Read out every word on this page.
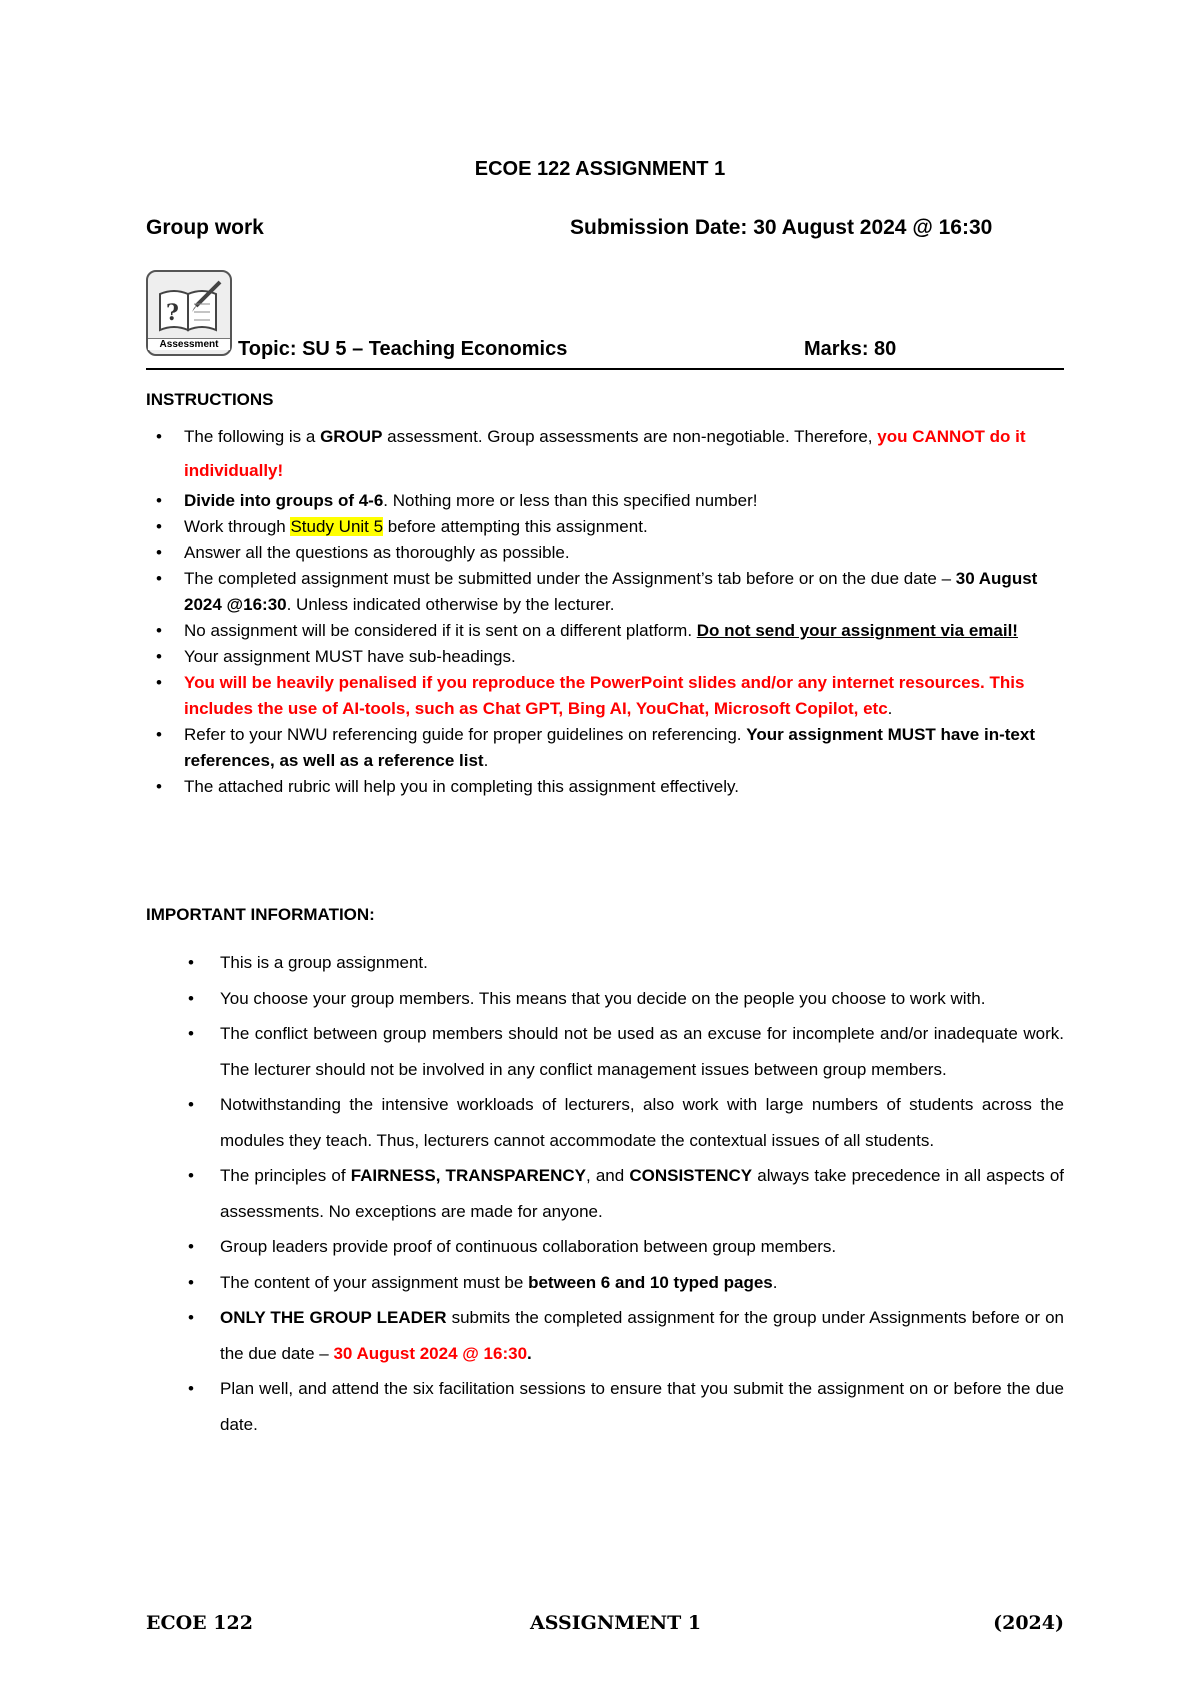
ECOE 122 ASSIGNMENT 1
Group work	Submission Date: 30 August 2024 @ 16:30
?
Assessment Topic: SU 5 – Teaching Economics	Marks: 80
INSTRUCTIONS
• The following is a GROUP assessment. Group assessments are non-negotiable. Therefore, you CANNOT do it individually!
• Divide into groups of 4-6. Nothing more or less than this specified number!
• Work through Study Unit 5 before attempting this assignment.
• Answer all the questions as thoroughly as possible.
• The completed assignment must be submitted under the Assignment’s tab before or on the due date – 30 August 2024 @16:30. Unless indicated otherwise by the lecturer.
• No assignment will be considered if it is sent on a different platform. Do not send your assignment via email!
• Your assignment MUST have sub-headings.
• You will be heavily penalised if you reproduce the PowerPoint slides and/or any internet resources. This includes the use of AI-tools, such as Chat GPT, Bing AI, YouChat, Microsoft Copilot, etc.
• Refer to your NWU referencing guide for proper guidelines on referencing. Your assignment MUST have in-text references, as well as a reference list.
• The attached rubric will help you in completing this assignment effectively.
IMPORTANT INFORMATION:
• This is a group assignment.
• You choose your group members. This means that you decide on the people you choose to work with.
• The conflict between group members should not be used as an excuse for incomplete and/or inadequate work. The lecturer should not be involved in any conflict management issues between group members.
• Notwithstanding the intensive workloads of lecturers, also work with large numbers of students across the modules they teach. Thus, lecturers cannot accommodate the contextual issues of all students.
• The principles of FAIRNESS, TRANSPARENCY, and CONSISTENCY always take precedence in all aspects of assessments. No exceptions are made for anyone.
• Group leaders provide proof of continuous collaboration between group members.
• The content of your assignment must be between 6 and 10 typed pages.
• ONLY THE GROUP LEADER submits the completed assignment for the group under Assignments before or on the due date – 30 August 2024 @ 16:30.
• Plan well, and attend the six facilitation sessions to ensure that you submit the assignment on or before the due date.
ECOE 122	ASSIGNMENT 1	(2024)
